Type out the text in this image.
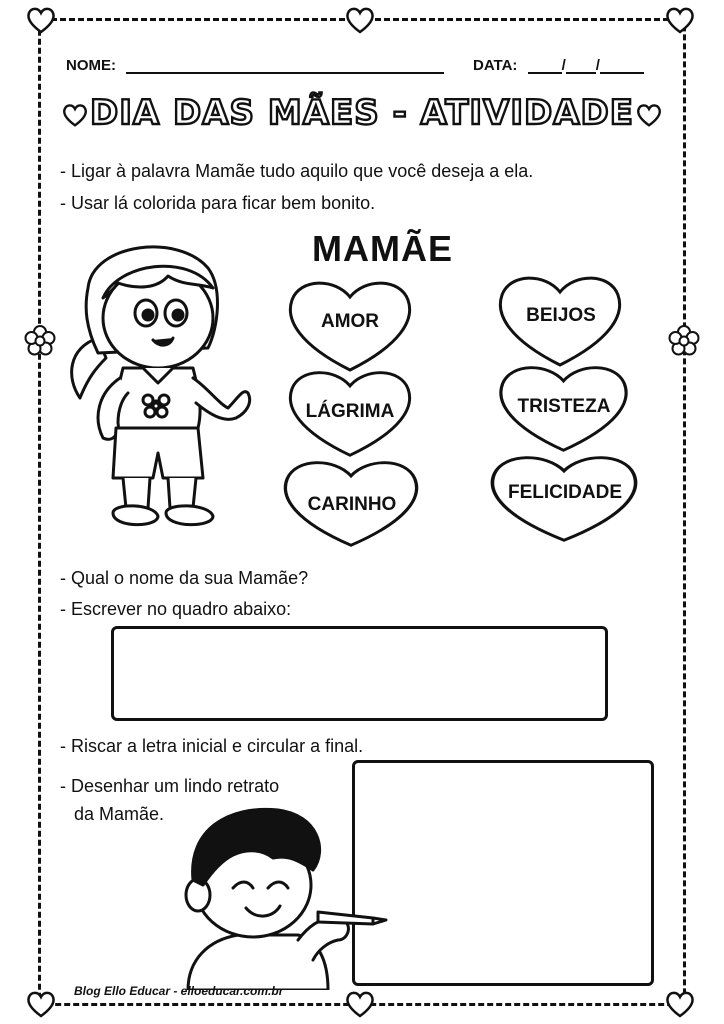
NOME:	DATA:	/ /
DIA DAS MÃES - ATIVIDADE
- Ligar à palavra Mamãe tudo aquilo que você deseja a ela.
- Usar lá colorida para ficar bem bonito.
MAMÃE
AMOR	BEIJOS
LÁGRIMA	TRISTEZA
CARINHO
FELICIDADE
- Qual o nome da sua Mamãe?
- Escrever no quadro abaixo:
- Riscar a letra inicial e circular a final.
- Desenhar um lindo retrato
da Mamãe.
Blog Ello Educar - elloeducar.com.br
